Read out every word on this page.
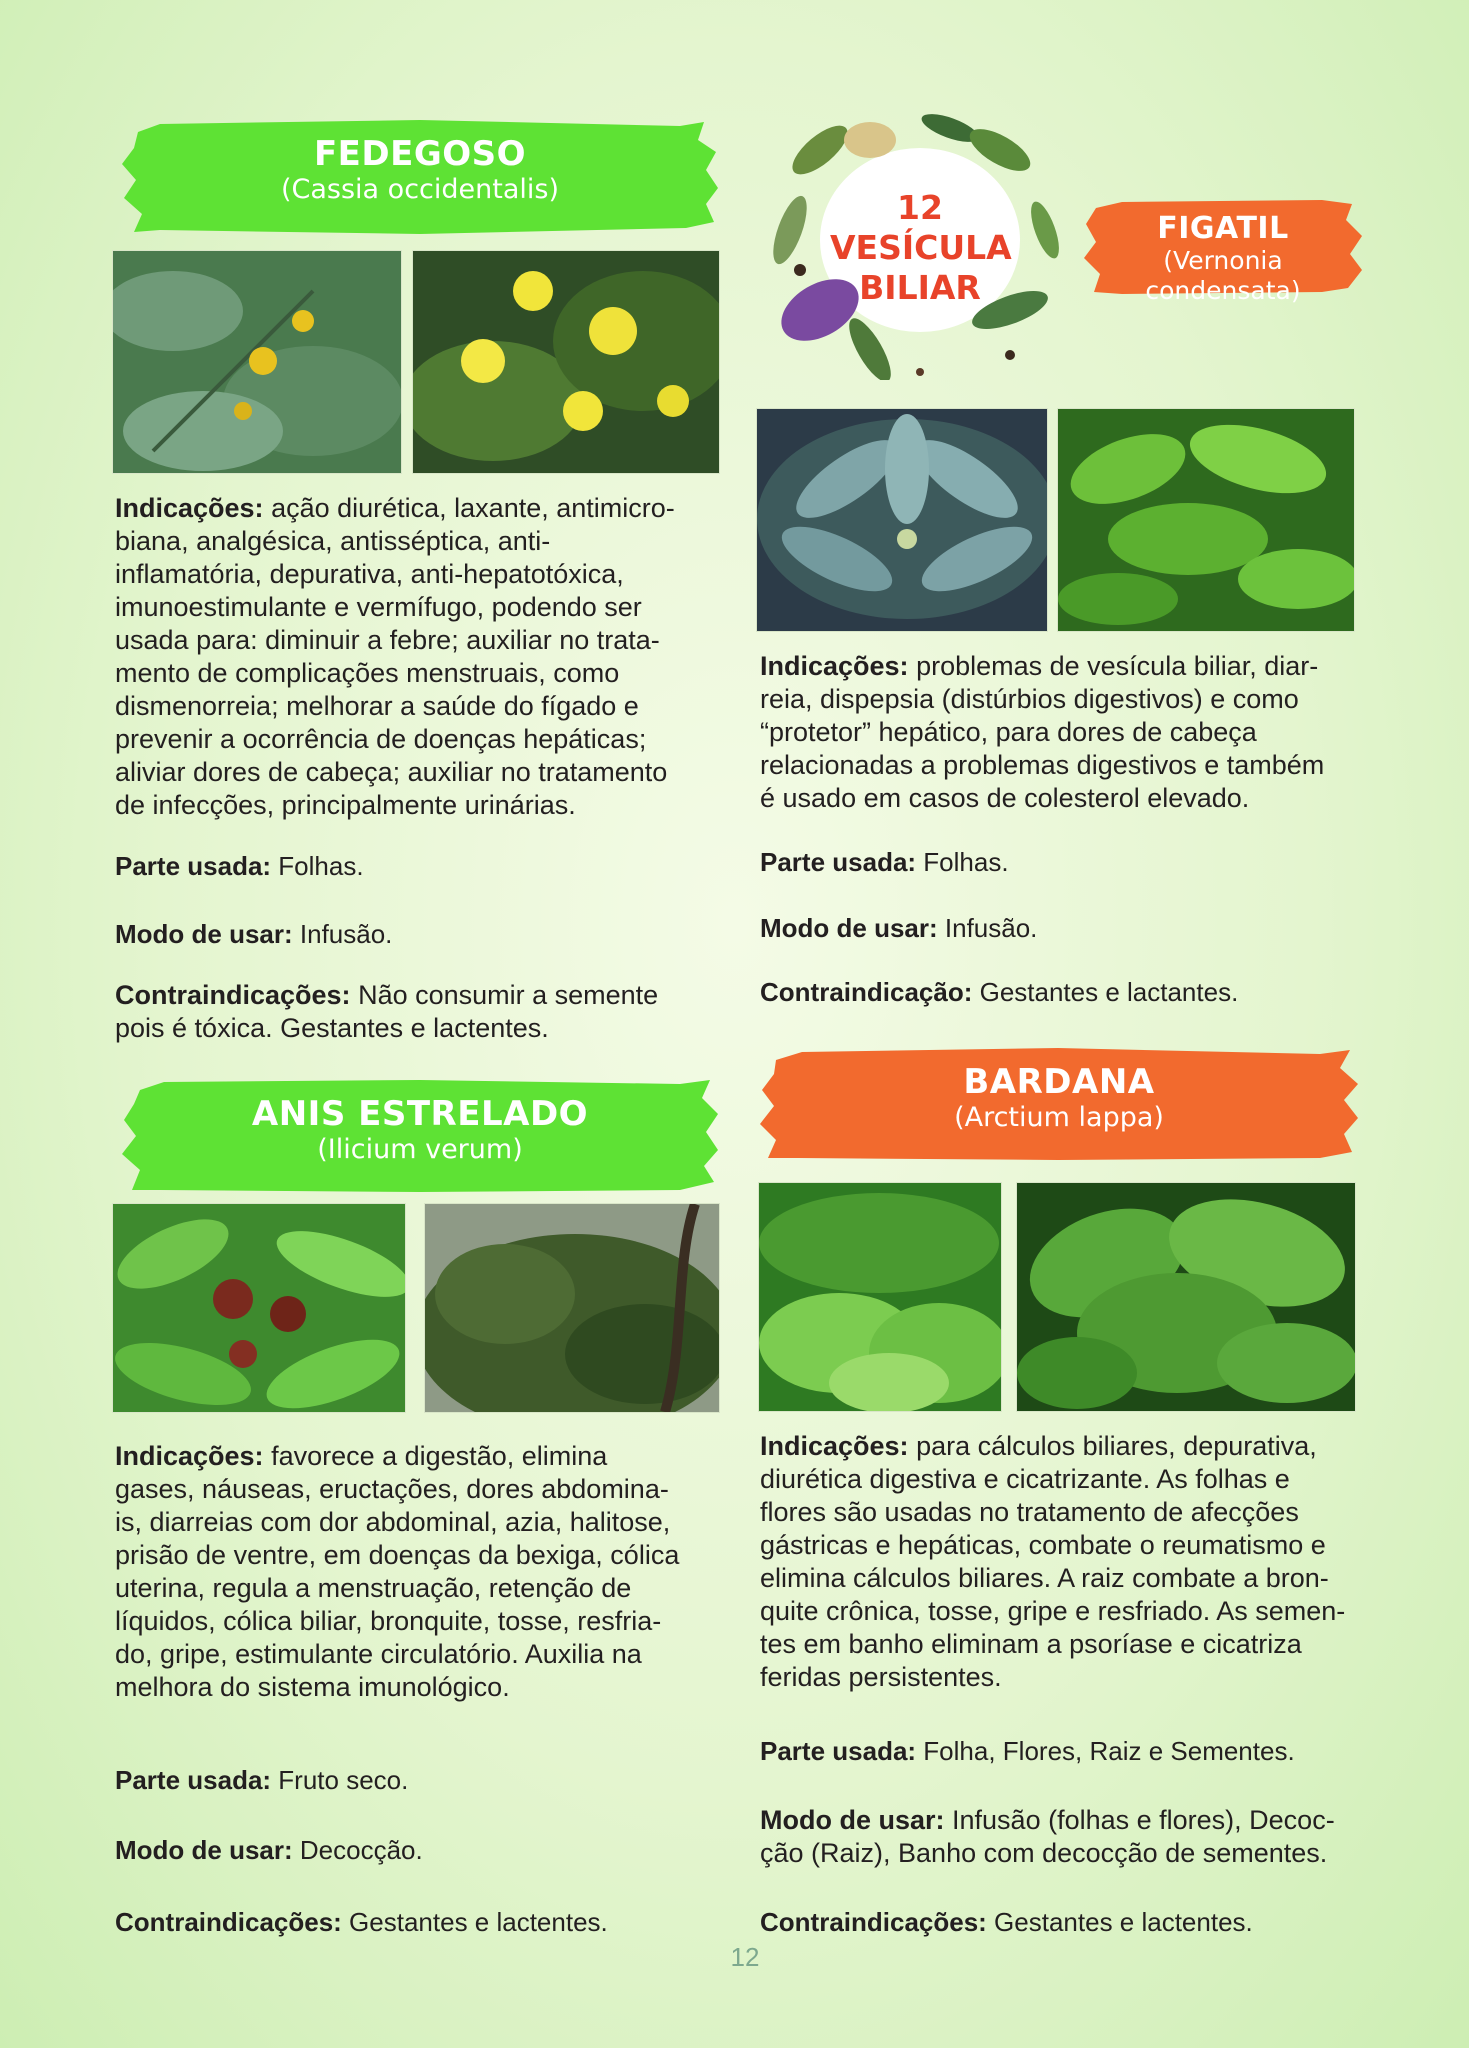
FEDEGOSO
(Cassia occidentalis)
Indicações: ação diurética, laxante, antimicro-
biana, analgésica, antisséptica, anti-
inflamatória, depurativa, anti-hepatotóxica,
imunoestimulante e vermífugo, podendo ser
usada para: diminuir a febre; auxiliar no trata-
mento de complicações menstruais, como
dismenorreia; melhorar a saúde do fígado e
prevenir a ocorrência de doenças hepáticas;
aliviar dores de cabeça; auxiliar no tratamento
de infecções, principalmente urinárias.
Parte usada: Folhas.
Modo de usar: Infusão.
Contraindicações: Não consumir a semente
pois é tóxica. Gestantes e lactentes.
ANIS ESTRELADO
(Ilicium verum)
Indicações: favorece a digestão, elimina
gases, náuseas, eructações, dores abdomina-
is, diarreias com dor abdominal, azia, halitose,
prisão de ventre, em doenças da bexiga, cólica
uterina, regula a menstruação, retenção de
líquidos, cólica biliar, bronquite, tosse, resfria-
do, gripe, estimulante circulatório. Auxilia na
melhora do sistema imunológico.
Parte usada: Fruto seco.
Modo de usar: Decocção.
Contraindicações: Gestantes e lactentes.
12
VESÍCULA
BILIAR
FIGATIL
(Vernonia condensata)
Indicações: problemas de vesícula biliar, diar-
reia, dispepsia (distúrbios digestivos) e como
“protetor” hepático, para dores de cabeça
relacionadas a problemas digestivos e também
é usado em casos de colesterol elevado.
Parte usada: Folhas.
Modo de usar: Infusão.
Contraindicação: Gestantes e lactantes.
BARDANA
(Arctium lappa)
Indicações: para cálculos biliares, depurativa,
diurética digestiva e cicatrizante. As folhas e
flores são usadas no tratamento de afecções
gástricas e hepáticas, combate o reumatismo e
elimina cálculos biliares. A raiz combate a bron-
quite crônica, tosse, gripe e resfriado. As semen-
tes em banho eliminam a psoríase e cicatriza
feridas persistentes.
Parte usada: Folha, Flores, Raiz e Sementes.
Modo de usar: Infusão (folhas e flores), Decoc-
ção (Raiz), Banho com decocção de sementes.
Contraindicações: Gestantes e lactentes.
12
